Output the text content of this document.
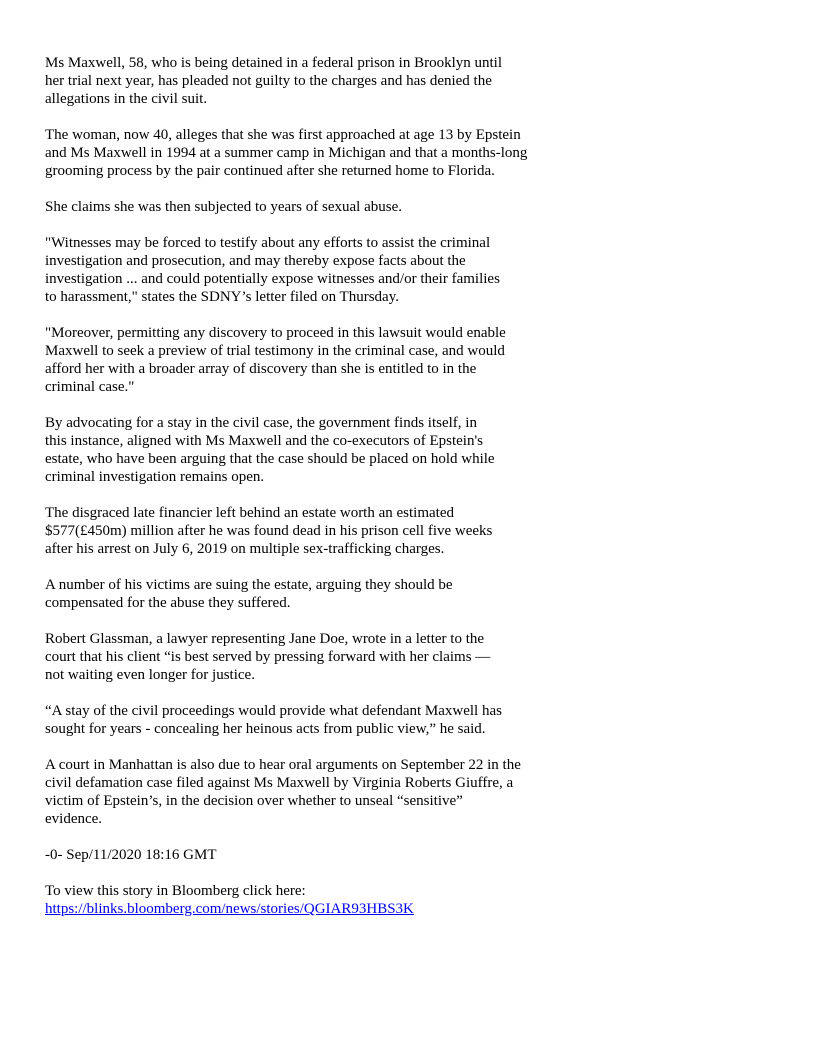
Ms Maxwell, 58, who is being detained in a federal prison in Brooklyn until
her trial next year, has pleaded not guilty to the charges and has denied the
allegations in the civil suit.

The woman, now 40, alleges that she was first approached at age 13 by Epstein
and Ms Maxwell in 1994 at a summer camp in Michigan and that a months-long
grooming process by the pair continued after she returned home to Florida.

She claims she was then subjected to years of sexual abuse.

"Witnesses may be forced to testify about any efforts to assist the criminal
investigation and prosecution, and may thereby expose facts about the
investigation ... and could potentially expose witnesses and/or their families
to harassment," states the SDNY’s letter filed on Thursday.

"Moreover, permitting any discovery to proceed in this lawsuit would enable
Maxwell to seek a preview of trial testimony in the criminal case, and would
afford her with a broader array of discovery than she is entitled to in the
criminal case."

By advocating for a stay in the civil case, the government finds itself, in
this instance, aligned with Ms Maxwell and the co-executors of Epstein's
estate, who have been arguing that the case should be placed on hold while
criminal investigation remains open.

The disgraced late financier left behind an estate worth an estimated
$577(£450m) million after he was found dead in his prison cell five weeks
after his arrest on July 6, 2019 on multiple sex-trafficking charges.

A number of his victims are suing the estate, arguing they should be
compensated for the abuse they suffered.

Robert Glassman, a lawyer representing Jane Doe, wrote in a letter to the
court that his client “is best served by pressing forward with her claims —
not waiting even longer for justice.

“A stay of the civil proceedings would provide what defendant Maxwell has
sought for years - concealing her heinous acts from public view,” he said.

A court in Manhattan is also due to hear oral arguments on September 22 in the
civil defamation case filed against Ms Maxwell by Virginia Roberts Giuffre, a
victim of Epstein’s, in the decision over whether to unseal “sensitive”
evidence.

-0- Sep/11/2020 18:16 GMT

To view this story in Bloomberg click here:
https://blinks.bloomberg.com/news/stories/QGIAR93HBS3K
